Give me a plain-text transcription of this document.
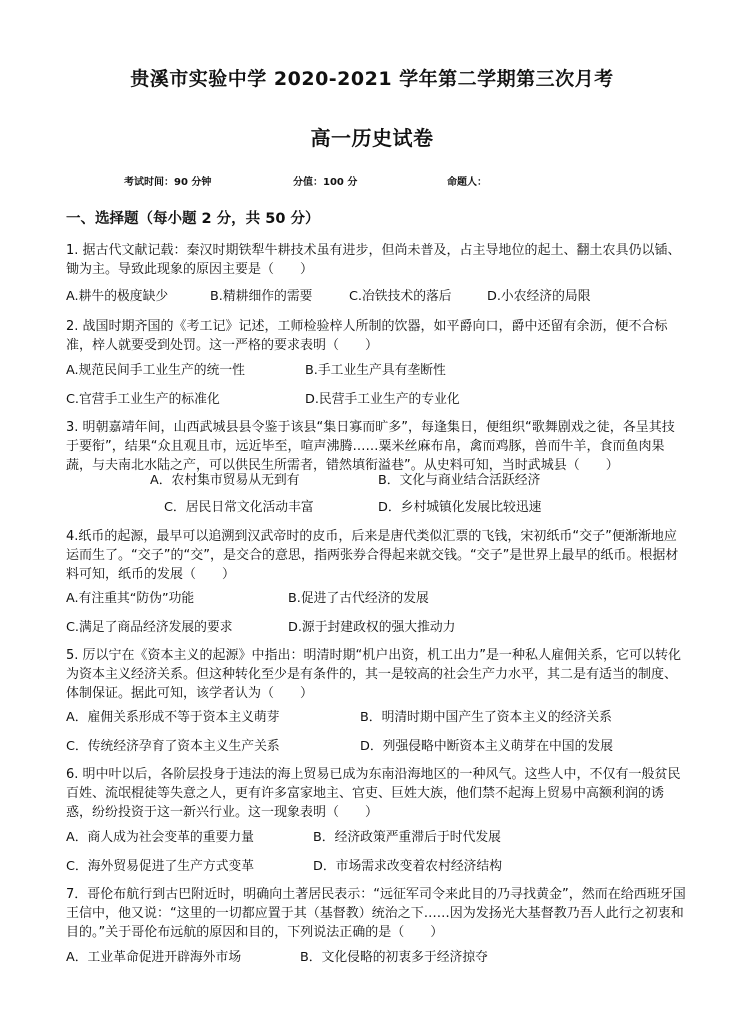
贵溪市实验中学 2020-2021 学年第二学期第三次月考
高一历史试卷
考试时间：90 分钟	分值：100 分	命题人：
一、选择题（每小题 2 分，共 50 分）
1. 据古代文献记载：秦汉时期铁犁牛耕技术虽有进步，但尚未普及，占主导地位的起土、翻土农具仍以锸、锄为主。导致此现象的原因主要是（　　）
A.耕牛的极度缺少	B.精耕细作的需要	C.冶铁技术的落后	D.小农经济的局限
2. 战国时期齐国的《考工记》记述，工师检验梓人所制的饮器，如平爵向口，爵中还留有余沥，便不合标准，梓人就要受到处罚。这一严格的要求表明（　　）
A.规范民间手工业生产的统一性	B.手工业生产具有垄断性
C.官营手工业生产的标准化	D.民营手工业生产的专业化
3. 明朝嘉靖年间，山西武城县县令鉴于该县“集日寡而旷多”，每逢集日，便组织“歌舞剧戏之徒，各呈其技于要衔”，结果“众且观且市，远近毕至，喧声沸腾……粟米丝麻布帛，禽而鸡豚，兽而牛羊，食而鱼肉果蔬，与夫南北水陆之产，可以供民生所需者，错然填衔溢巷”。从史料可知，当时武城县（　　）
A．农村集市贸易从无到有	B．文化与商业结合活跃经济
C．居民日常文化活动丰富	D．乡村城镇化发展比较迅速
4.纸币的起源，最早可以追溯到汉武帝时的皮币，后来是唐代类似汇票的飞钱，宋初纸币“交子”便渐渐地应运而生了。“交子”的“交”，是交合的意思，指两张券合得起来就交钱。“交子”是世界上最早的纸币。根据材料可知，纸币的发展（　　）
A.有注重其“防伪”功能	B.促进了古代经济的发展
C.满足了商品经济发展的要求	D.源于封建政权的强大推动力
5. 厉以宁在《资本主义的起源》中指出：明清时期“机户出资，机工出力”是一种私人雇佣关系，它可以转化为资本主义经济关系。但这种转化至少是有条件的，其一是较高的社会生产力水平，其二是有适当的制度、体制保证。据此可知，该学者认为（　　）
A．雇佣关系形成不等于资本主义萌芽	B．明清时期中国产生了资本主义的经济关系
C．传统经济孕育了资本主义生产关系	D．列强侵略中断资本主义萌芽在中国的发展
6. 明中叶以后，各阶层投身于违法的海上贸易已成为东南沿海地区的一种风气。这些人中，不仅有一般贫民百姓、流氓棍徒等失意之人，更有许多富家地主、官吏、巨姓大族，他们禁不起海上贸易中高额利润的诱惑，纷纷投资于这一新兴行业。这一现象表明（　　）
A．商人成为社会变革的重要力量	B．经济政策严重滞后于时代发展
C．海外贸易促进了生产方式变革	D．市场需求改变着农村经济结构
7．哥伦布航行到古巴附近时，明确向土著居民表示：“远征军司令来此目的乃寻找黄金”，然而在给西班牙国王信中，他又说：“这里的一切都应置于其（基督教）统治之下……因为发扬光大基督教乃吾人此行之初衷和目的。”关于哥伦布远航的原因和目的，下列说法正确的是（　　）
A．工业革命促进开辟海外市场	B．文化侵略的初衷多于经济掠夺
